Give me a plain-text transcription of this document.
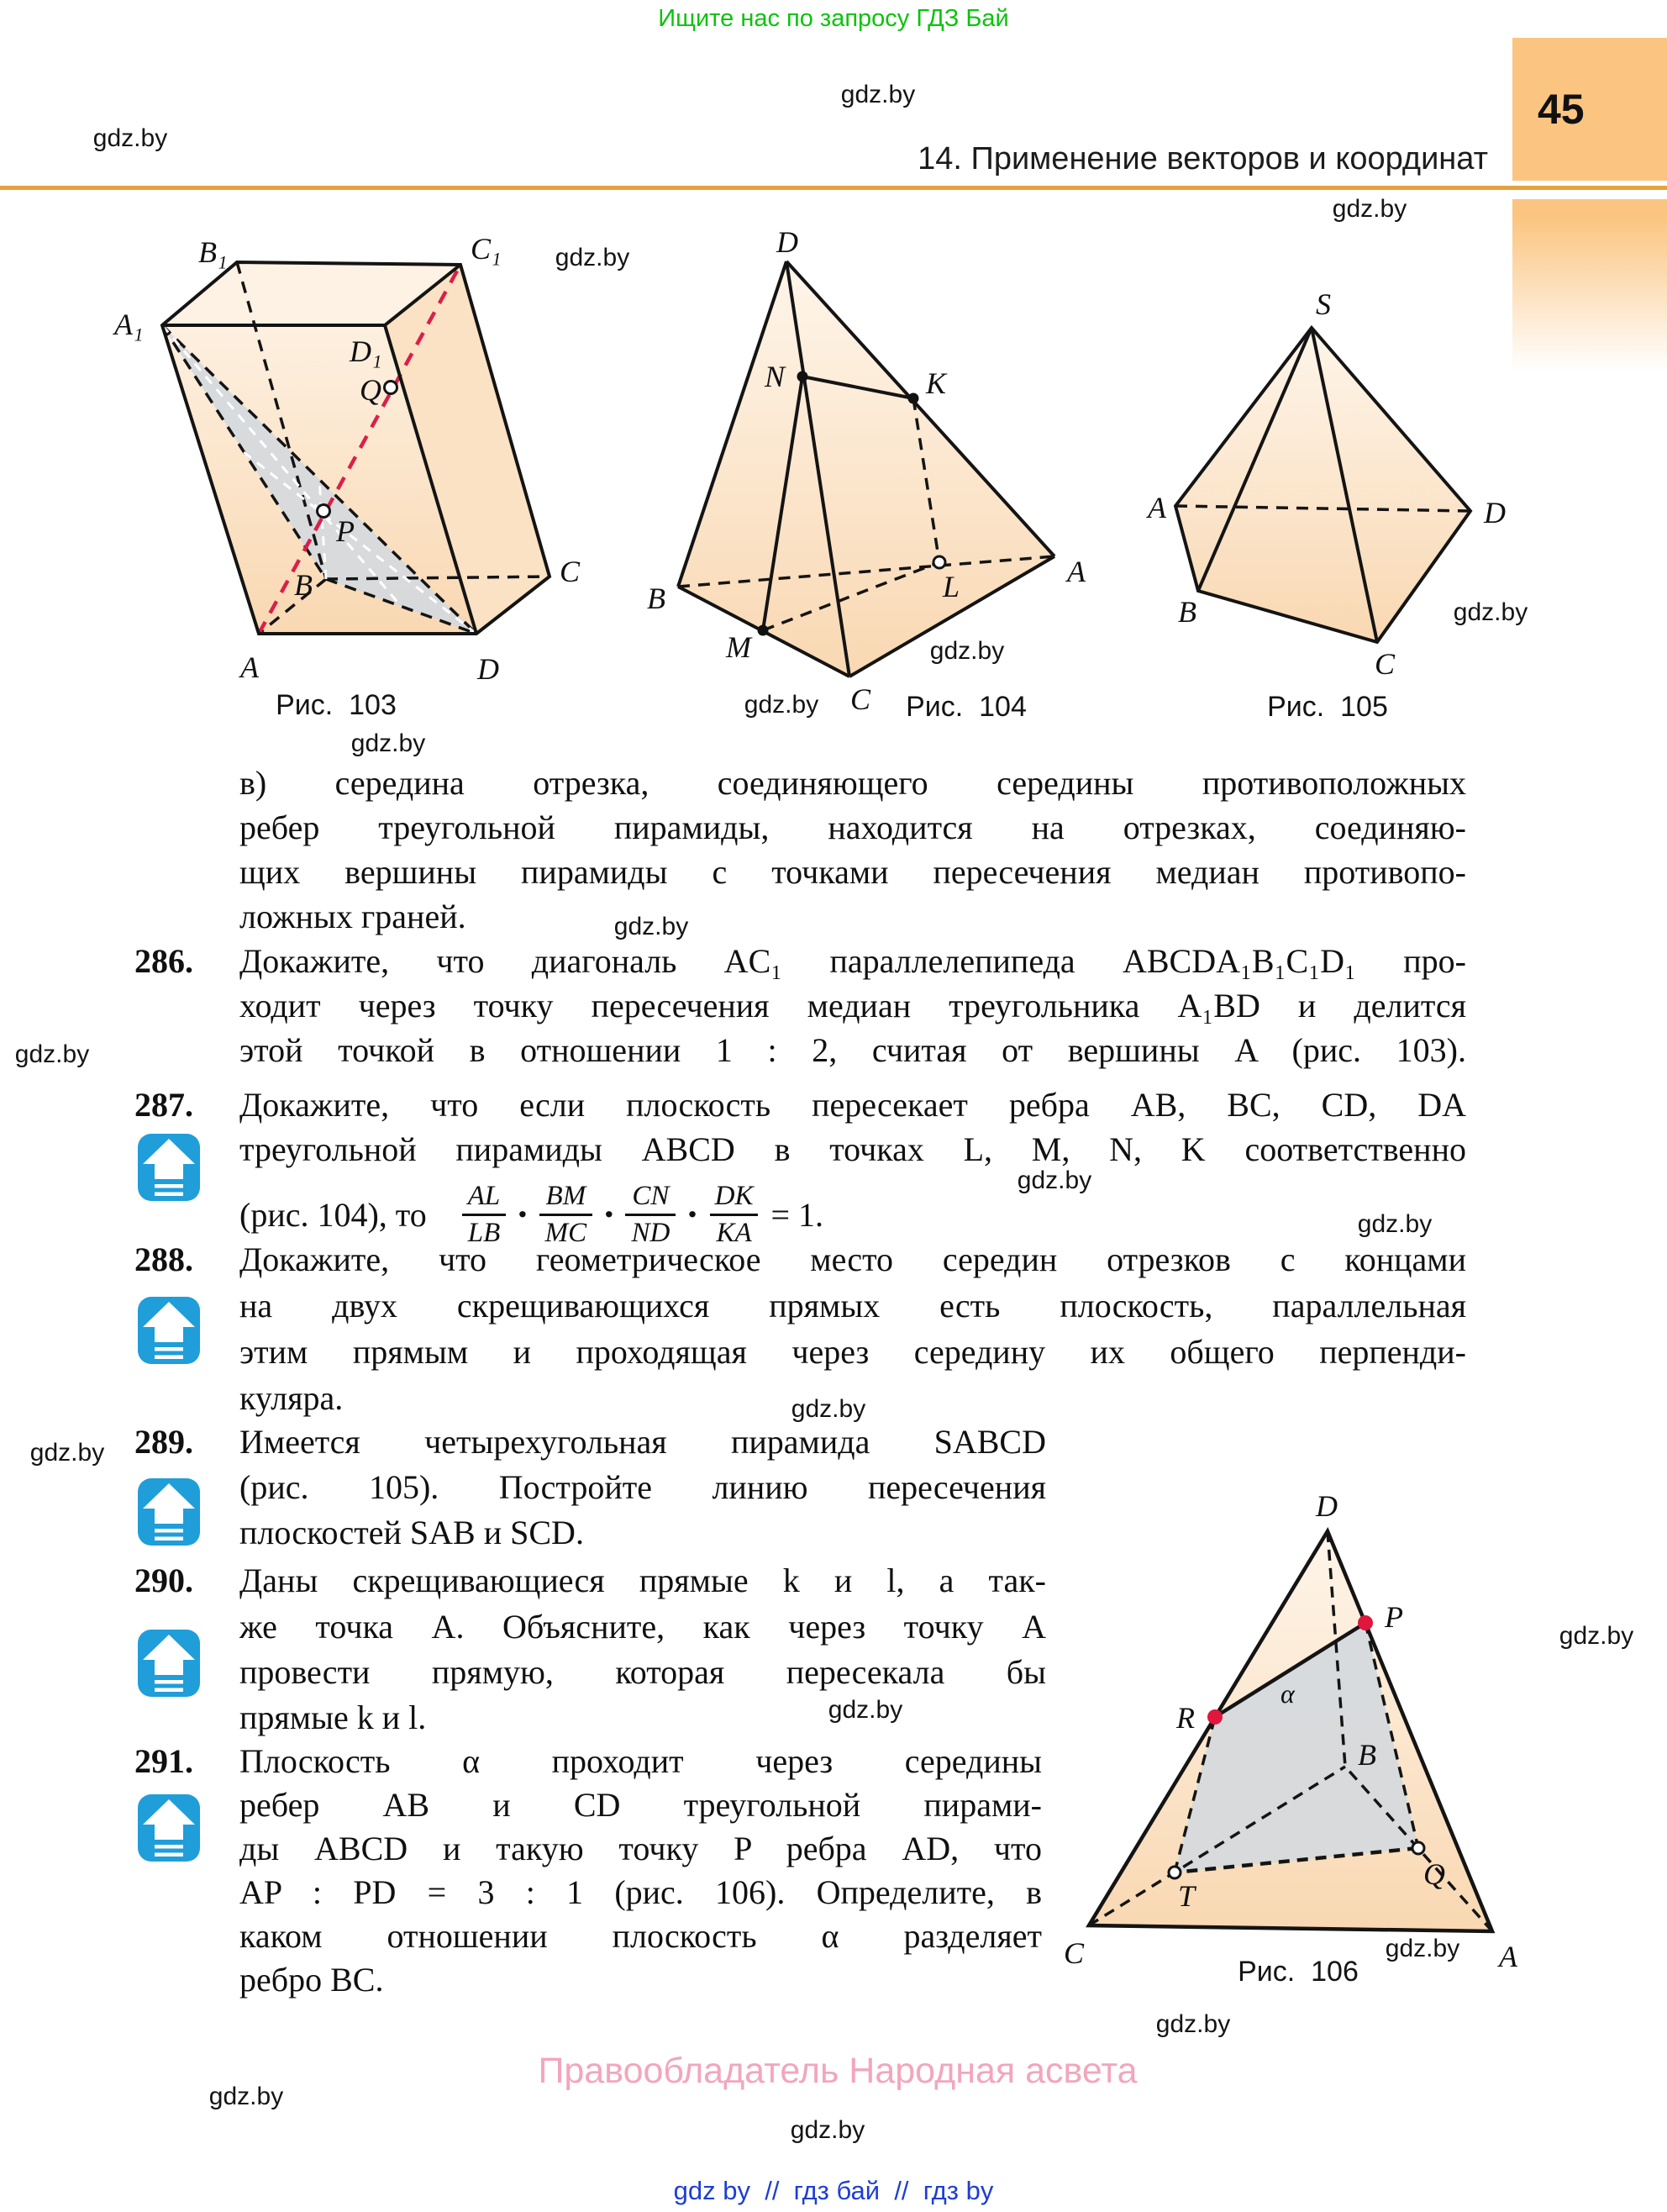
Ищите нас по запросу ГДЗ Бай
gdz.by
gdz.by
14. Применение векторов и координат
45
gdz.by
B₁	C₁
A₁
D₁
Q
P
B	C
A	D
D
N	K
B
A
L
M
C
S
A	D
B
C
Рис.  103	Рис.  104	Рис.  105
gdz.by
gdz.by
gdz.by
gdz.by
gdz.by
в) середина отрезка, соединяющего середины противоположных
ребер треугольной пирамиды, находится на отрезках, соединяю-
щих вершины пирамиды с точками пересечения медиан противопо-
ложных граней.	gdz.by
286. Докажите, что диагональ AC₁ параллелепипеда ABCDA₁B₁C₁D₁ про-
ходит через точку пересечения медиан треугольника A₁BD и делится
этой точкой в отношении 1 : 2, считая от вершины A (рис. 103).
gdz.by
287. Докажите, что если плоскость пересекает ребра AB, BC, CD, DA
треугольной пирамиды ABCD в точках L, M, N, K соответственно
(рис. 104), то $\frac{AL}{LB} \cdot \frac{BM}{MC} \cdot \frac{CN}{ND} \cdot \frac{DK}{KA} = 1$.
gdz.by
gdz.by
288. Докажите, что геометрическое место середин отрезков с концами
на двух скрещивающихся прямых есть плоскость, параллельная
этим прямым и проходящая через середину их общего перпенди-
куляра.	gdz.by
gdz.by 289. Имеется четырехугольная пирамида SABCD
(рис. 105). Постройте линию пересечения
плоскостей SAB и SCD.
290. Даны скрещивающиеся прямые k и l, а так-
же точка A. Объясните, как через точку A
провести прямую, которая пересекала бы
прямые k и l.	gdz.by
291. Плоскость α проходит через середины
ребер AB и CD треугольной пирами-
ды ABCD и такую точку P ребра AD, что
AP : PD = 3 : 1 (рис. 106). Определите, в
каком отношении плоскость α разделяет
ребро BC.
D
P
R
α
B
Q
T
C	A
gdz.by
gdz.by
Рис.  106
gdz.by
Правообладатель Народная асвета
gdz.by
gdz.by
gdz by  //  гдз бай  //  гдз by
